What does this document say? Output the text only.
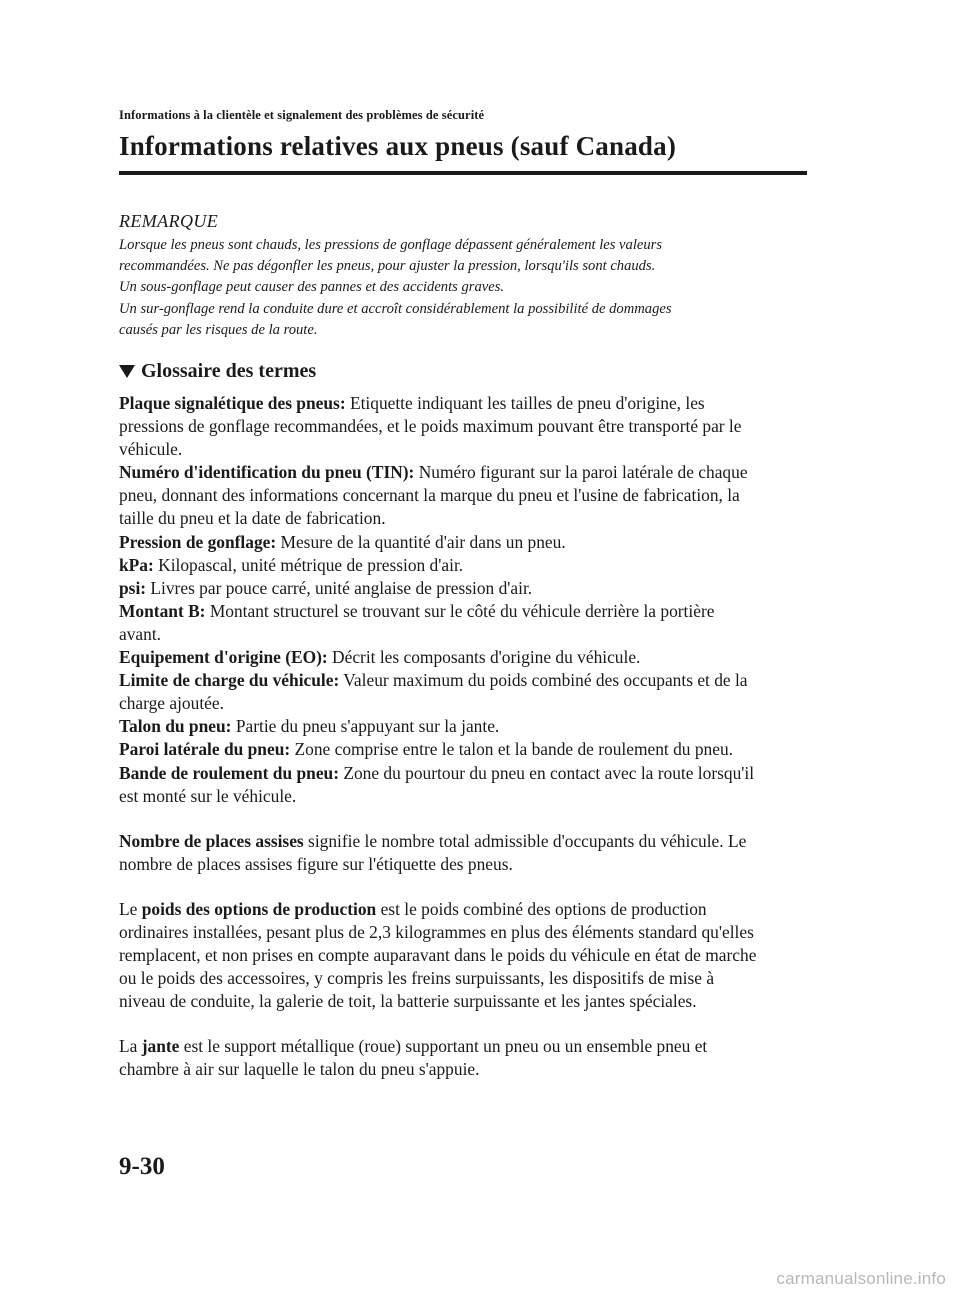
Informations à la clientèle et signalement des problèmes de sécurité
Informations relatives aux pneus (sauf Canada)
REMARQUE
Lorsque les pneus sont chauds, les pressions de gonflage dépassent généralement les valeurs
recommandées. Ne pas dégonfler les pneus, pour ajuster la pression, lorsqu'ils sont chauds.
Un sous-gonflage peut causer des pannes et des accidents graves.
Un sur-gonflage rend la conduite dure et accroît considérablement la possibilité de dommages
causés par les risques de la route.
Glossaire des termes
Plaque signalétique des pneus: Etiquette indiquant les tailles de pneu d'origine, les
pressions de gonflage recommandées, et le poids maximum pouvant être transporté par le
véhicule.
Numéro d'identification du pneu (TIN): Numéro figurant sur la paroi latérale de chaque
pneu, donnant des informations concernant la marque du pneu et l'usine de fabrication, la
taille du pneu et la date de fabrication.
Pression de gonflage: Mesure de la quantité d'air dans un pneu.
kPa: Kilopascal, unité métrique de pression d'air.
psi: Livres par pouce carré, unité anglaise de pression d'air.
Montant B: Montant structurel se trouvant sur le côté du véhicule derrière la portière
avant.
Equipement d'origine (EO): Décrit les composants d'origine du véhicule.
Limite de charge du véhicule: Valeur maximum du poids combiné des occupants et de la
charge ajoutée.
Talon du pneu: Partie du pneu s'appuyant sur la jante.
Paroi latérale du pneu: Zone comprise entre le talon et la bande de roulement du pneu.
Bande de roulement du pneu: Zone du pourtour du pneu en contact avec la route lorsqu'il
est monté sur le véhicule.
Nombre de places assises signifie le nombre total admissible d'occupants du véhicule. Le
nombre de places assises figure sur l'étiquette des pneus.
Le poids des options de production est le poids combiné des options de production
ordinaires installées, pesant plus de 2,3 kilogrammes en plus des éléments standard qu'elles
remplacent, et non prises en compte auparavant dans le poids du véhicule en état de marche
ou le poids des accessoires, y compris les freins surpuissants, les dispositifs de mise à
niveau de conduite, la galerie de toit, la batterie surpuissante et les jantes spéciales.
La jante est le support métallique (roue) supportant un pneu ou un ensemble pneu et
chambre à air sur laquelle le talon du pneu s'appuie.
9-30
carmanualsonline.info
